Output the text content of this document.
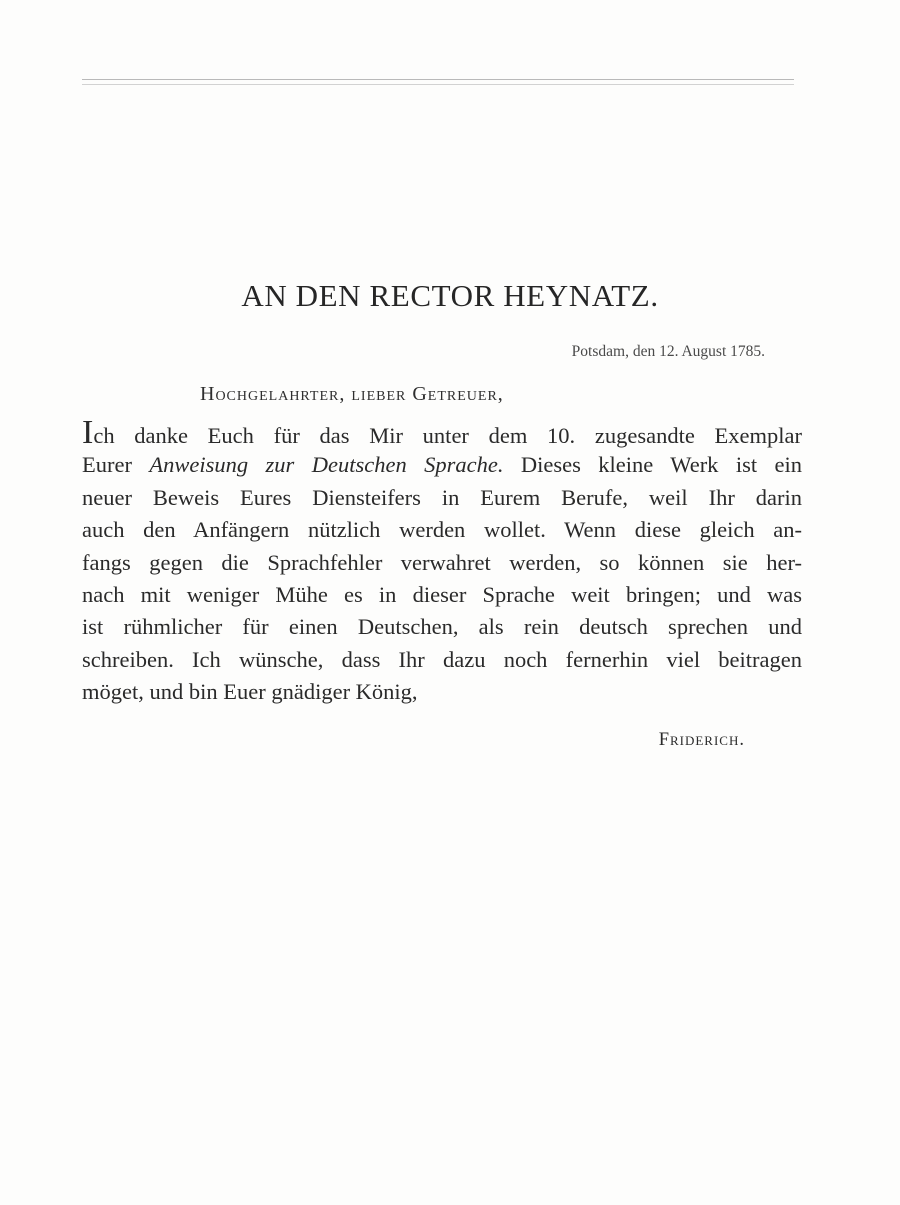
AN DEN RECTOR HEYNATZ.
Potsdam, den 12. August 1785.
Hochgelahrter, lieber Getreuer,
Ich danke Euch für das Mir unter dem 10. zugesandte Exemplar
Eurer Anweisung zur Deutschen Sprache. Dieses kleine Werk ist ein
neuer Beweis Eures Diensteifers in Eurem Berufe, weil Ihr darin
auch den Anfängern nützlich werden wollet. Wenn diese gleich an-
fangs gegen die Sprachfehler verwahret werden, so können sie her-
nach mit weniger Mühe es in dieser Sprache weit bringen; und was
ist rühmlicher für einen Deutschen, als rein deutsch sprechen und
schreiben. Ich wünsche, dass Ihr dazu noch fernerhin viel beitragen
möget, und bin Euer gnädiger König,
Friderich.
